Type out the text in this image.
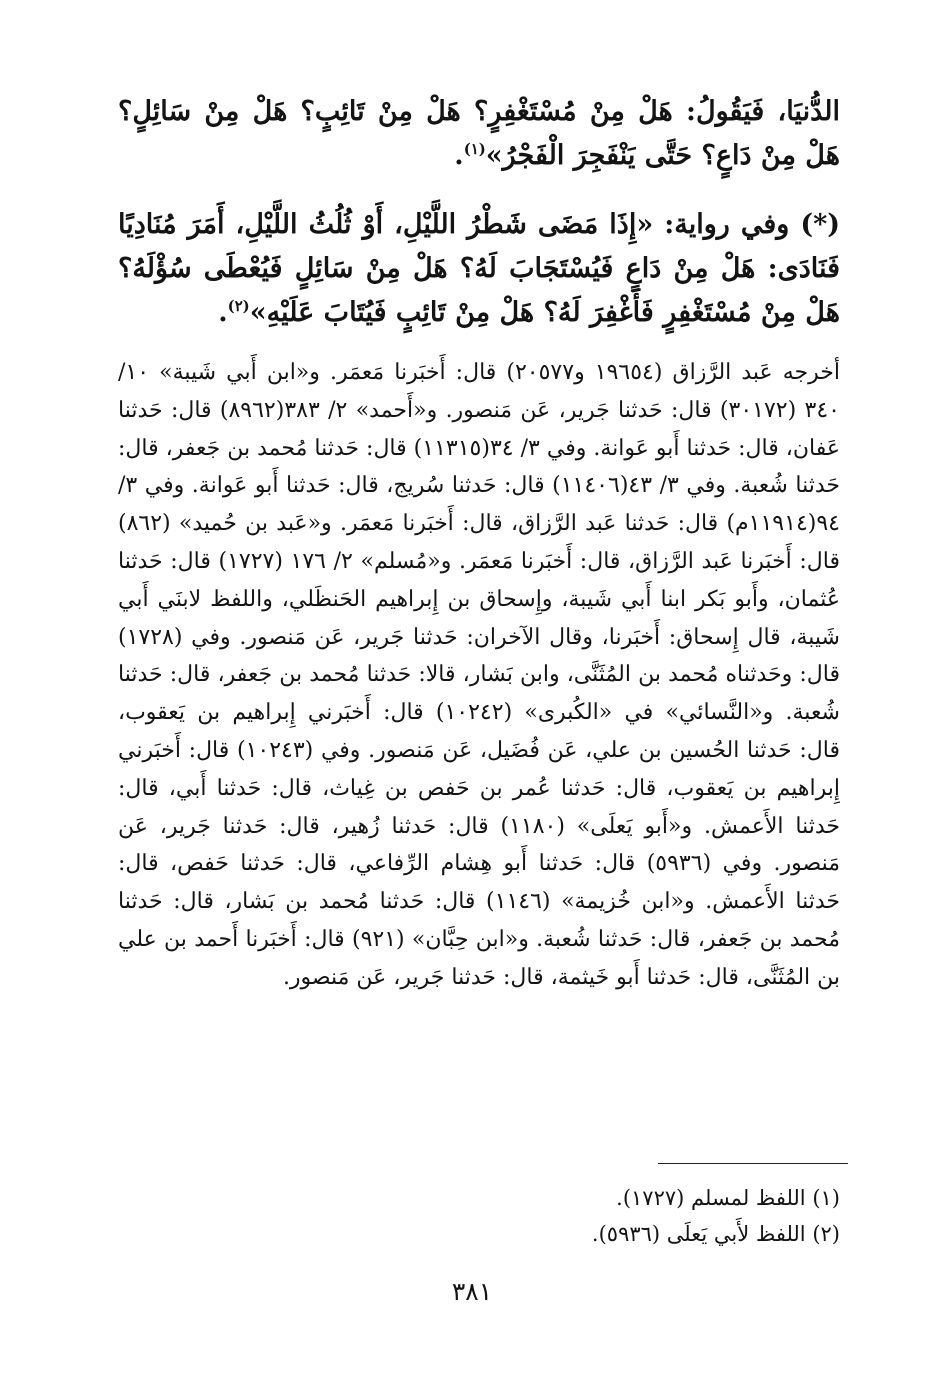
الدُّنيَا، فَيَقُولُ: هَلْ مِنْ مُسْتَغْفِرٍ؟ هَلْ مِنْ تَائِبٍ؟ هَلْ مِنْ سَائِلٍ؟ هَلْ مِنْ دَاعٍ؟ حَتَّى يَنْفَجِرَ الْفَجْرُ»$^{(١)}$.

(*) وفي رواية: «إِذَا مَضَى شَطْرُ اللَّيْلِ، أَوْ ثُلُثُ اللَّيْلِ، أَمَرَ مُنَادِيًا فَنَادَى: هَلْ مِنْ دَاعٍ فَيُسْتَجَابَ لَهُ؟ هَلْ مِنْ سَائِلٍ فَيُعْطَى سُؤْلَهُ؟ هَلْ مِنْ مُسْتَغْفِرٍ فَأَغْفِرَ لَهُ؟ هَلْ مِنْ تَائِبٍ فَيُتَابَ عَلَيْهِ»$^{(٢)}$.

أخرجه عَبد الرَّزاق (١٩٦٥٤ و٢٠٥٧٧) قال: أَخبَرنا مَعمَر. و«ابن أَبي شَيبة» ١٠/ ٣٤٠ (٣٠١٧٢) قال: حَدثنا جَرير، عَن مَنصور. و«أَحمد» ٢/ ٣٨٣(٨٩٦٢) قال: حَدثنا عَفان، قال: حَدثنا أَبو عَوانة. وفي ٣/ ٣٤(١١٣١٥) قال: حَدثنا مُحمد بن جَعفر، قال: حَدثنا شُعبة. وفي ٣/ ٤٣(١١٤٠٦) قال: حَدثنا سُريج، قال: حَدثنا أَبو عَوانة. وفي ٣/ ٩٤(١١٩١٤م) قال: حَدثنا عَبد الرَّزاق، قال: أَخبَرنا مَعمَر. و«عَبد بن حُميد» (٨٦٢) قال: أَخبَرنا عَبد الرَّزاق، قال: أَخبَرنا مَعمَر. و«مُسلم» ٢/ ١٧٦ (١٧٢٧) قال: حَدثنا عُثمان، وأَبو بَكر ابنا أَبي شَيبة، وإِسحاق بن إِبراهيم الحَنظَلي، واللفظ لابنَي أَبي شَيبة، قال إِسحاق: أَخبَرنا، وقال الآخران: حَدثنا جَرير، عَن مَنصور. وفي (١٧٢٨) قال: وحَدثناه مُحمد بن المُثَنَّى، وابن بَشار، قالا: حَدثنا مُحمد بن جَعفر، قال: حَدثنا شُعبة. و«النَّسائي» في «الكُبرى» (١٠٢٤٢) قال: أَخبَرني إِبراهيم بن يَعقوب، قال: حَدثنا الحُسين بن علي، عَن فُضَيل، عَن مَنصور. وفي (١٠٢٤٣) قال: أَخبَرني إِبراهيم بن يَعقوب، قال: حَدثنا عُمر بن حَفص بن غِياث، قال: حَدثنا أَبي، قال: حَدثنا الأَعمش. و«أَبو يَعلَى» (١١٨٠) قال: حَدثنا زُهير، قال: حَدثنا جَرير، عَن مَنصور. وفي (٥٩٣٦) قال: حَدثنا أَبو هِشام الرِّفاعي، قال: حَدثنا حَفص، قال: حَدثنا الأَعمش. و«ابن خُزيمة» (١١٤٦) قال: حَدثنا مُحمد بن بَشار، قال: حَدثنا مُحمد بن جَعفر، قال: حَدثنا شُعبة. و«ابن حِبَّان» (٩٢١) قال: أَخبَرنا أَحمد بن علي بن المُثَنَّى، قال: حَدثنا أَبو خَيثمة، قال: حَدثنا جَرير، عَن مَنصور.

(١) اللفظ لمسلم (١٧٢٧).

(٢) اللفظ لأَبي يَعلَى (٥٩٣٦).

٣٨١
